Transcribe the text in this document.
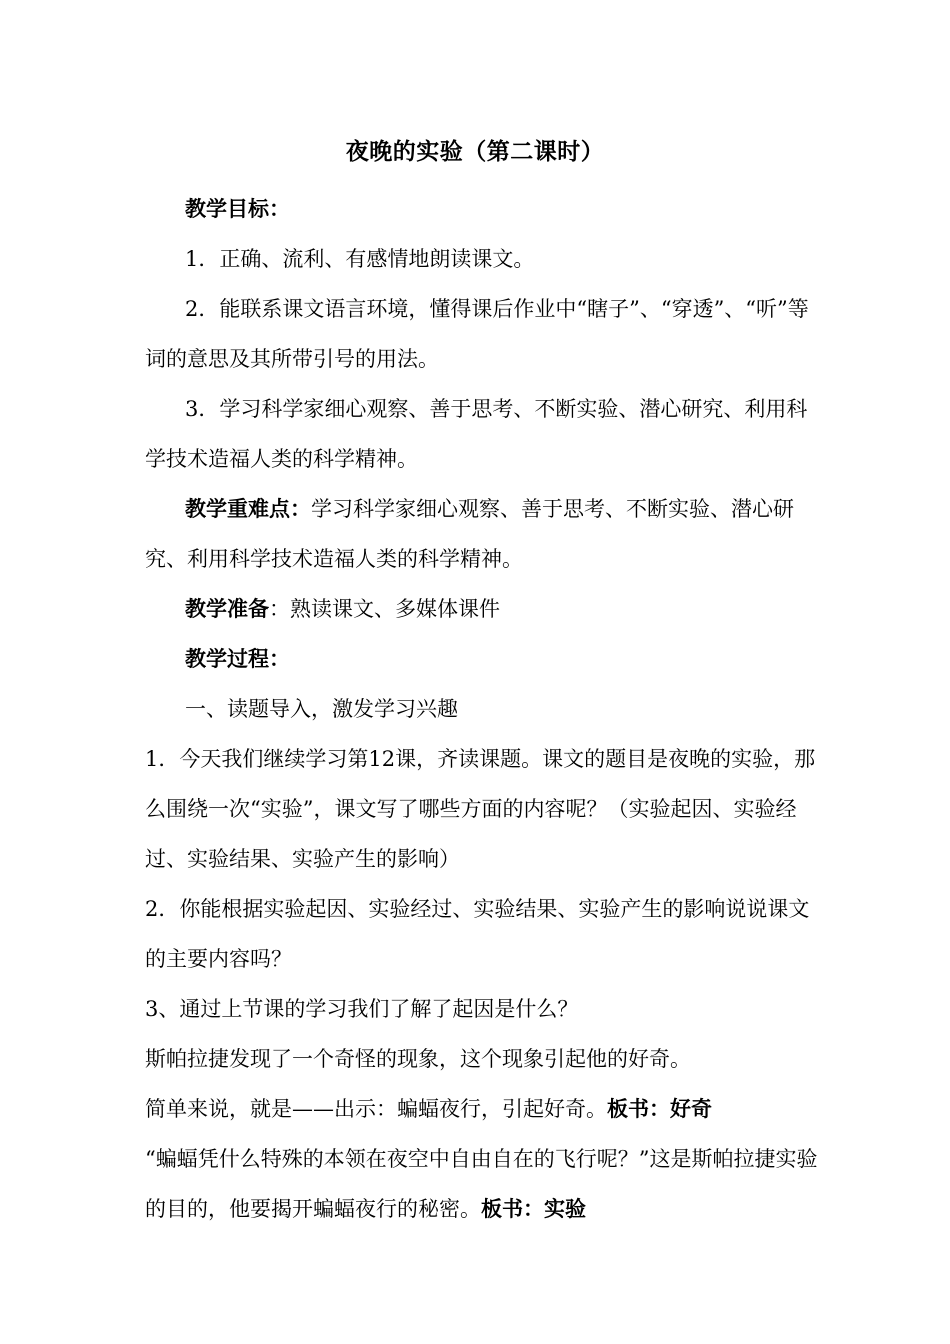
夜晚的实验（第二课时）

教学目标：

1．正确、流利、有感情地朗读课文。

2．能联系课文语言环境，懂得课后作业中“瞎子”、“穿透”、“听”等词的意思及其所带引号的用法。

3．学习科学家细心观察、善于思考、不断实验、潜心研究、利用科学技术造福人类的科学精神。

教学重难点：学习科学家细心观察、善于思考、不断实验、潜心研究、利用科学技术造福人类的科学精神。

教学准备：熟读课文、多媒体课件

教学过程：

一、读题导入，激发学习兴趣

1．今天我们继续学习第12课，齐读课题。课文的题目是夜晚的实验，那么围绕一次“实验”，课文写了哪些方面的内容呢？（实验起因、实验经过、实验结果、实验产生的影响）

2．你能根据实验起因、实验经过、实验结果、实验产生的影响说说课文的主要内容吗？

3、通过上节课的学习我们了解了起因是什么？

斯帕拉捷发现了一个奇怪的现象，这个现象引起他的好奇。

简单来说，就是——出示：蝙蝠夜行，引起好奇。板书：好奇

“蝙蝠凭什么特殊的本领在夜空中自由自在的飞行呢？”这是斯帕拉捷实验的目的，他要揭开蝙蝠夜行的秘密。板书：实验
